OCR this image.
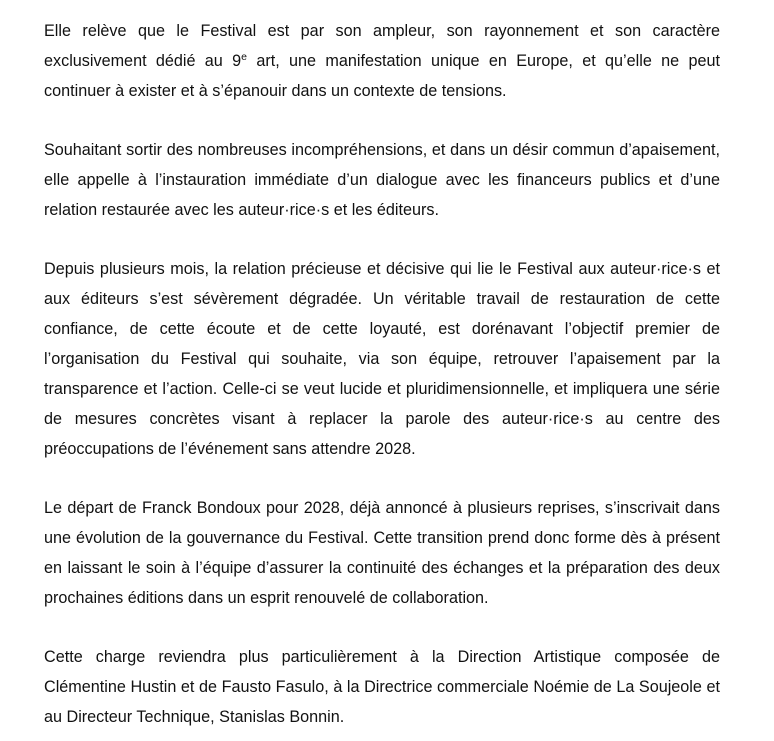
Elle relève que le Festival est par son ampleur, son rayonnement et son caractère exclusivement dédié au 9e art, une manifestation unique en Europe, et qu’elle ne peut continuer à exister et à s’épanouir dans un contexte de tensions.

Souhaitant sortir des nombreuses incompréhensions, et dans un désir commun d’apaisement, elle appelle à l’instauration immédiate d’un dialogue avec les financeurs publics et d’une relation restaurée avec les auteur·rice·s et les éditeurs.

Depuis plusieurs mois, la relation précieuse et décisive qui lie le Festival aux auteur·rice·s et aux éditeurs s’est sévèrement dégradée. Un véritable travail de restauration de cette confiance, de cette écoute et de cette loyauté, est dorénavant l’objectif premier de l’organisation du Festival qui souhaite, via son équipe, retrouver l’apaisement par la transparence et l’action. Celle-ci se veut lucide et pluridimensionnelle, et impliquera une série de mesures concrètes visant à replacer la parole des auteur·rice·s au centre des préoccupations de l’événement sans attendre 2028.

Le départ de Franck Bondoux pour 2028, déjà annoncé à plusieurs reprises, s’inscrivait dans une évolution de la gouvernance du Festival. Cette transition prend donc forme dès à présent en laissant le soin à l’équipe d’assurer la continuité des échanges et la préparation des deux prochaines éditions dans un esprit renouvelé de collaboration.

Cette charge reviendra plus particulièrement à la Direction Artistique composée de Clémentine Hustin et de Fausto Fasulo, à la Directrice commerciale Noémie de La Soujeole et au Directeur Technique, Stanislas Bonnin.
